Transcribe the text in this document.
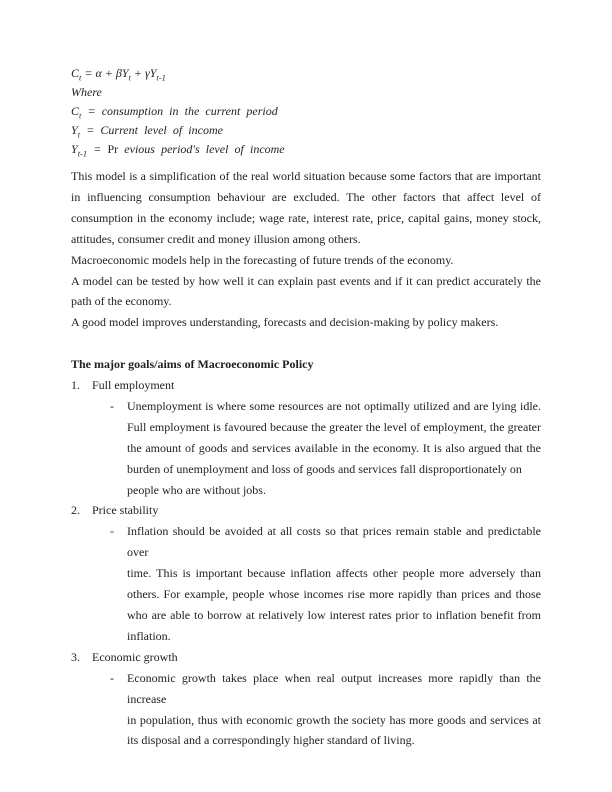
$C_t = \alpha + \beta Y_t + \gamma Y_{t-1}$
Where
$C_t$ = consumption in the current period
$Y_t$ = Current level of income
$Y_{t-1} = Pr$ evious period's level of income
This model is a simplification of the real world situation because some factors that are important
in influencing consumption behaviour are excluded. The other factors that affect level of
consumption in the economy include; wage rate, interest rate, price, capital gains, money stock,
attitudes, consumer credit and money illusion among others.
Macroeconomic models help in the forecasting of future trends of the economy.
A model can be tested by how well it can explain past events and if it can predict accurately the
path of the economy.
A good model improves understanding, forecasts and decision-making by policy makers.
The major goals/aims of Macroeconomic Policy
1. Full employment
-	Unemployment is where some resources are not optimally utilized and are lying idle.
Full employment is favoured because the greater the level of employment, the greater
the amount of goods and services available in the economy. It is also argued that the
burden of unemployment and loss of goods and services fall disproportionately on
people who are without jobs.
2. Price stability
-	Inflation should be avoided at all costs so that prices remain stable and predictable over
time. This is important because inflation affects other people more adversely than
others. For example, people whose incomes rise more rapidly than prices and those
who are able to borrow at relatively low interest rates prior to inflation benefit from
inflation.
3. Economic growth
-	Economic growth takes place when real output increases more rapidly than the increase
in population, thus with economic growth the society has more goods and services at
its disposal and a correspondingly higher standard of living.
